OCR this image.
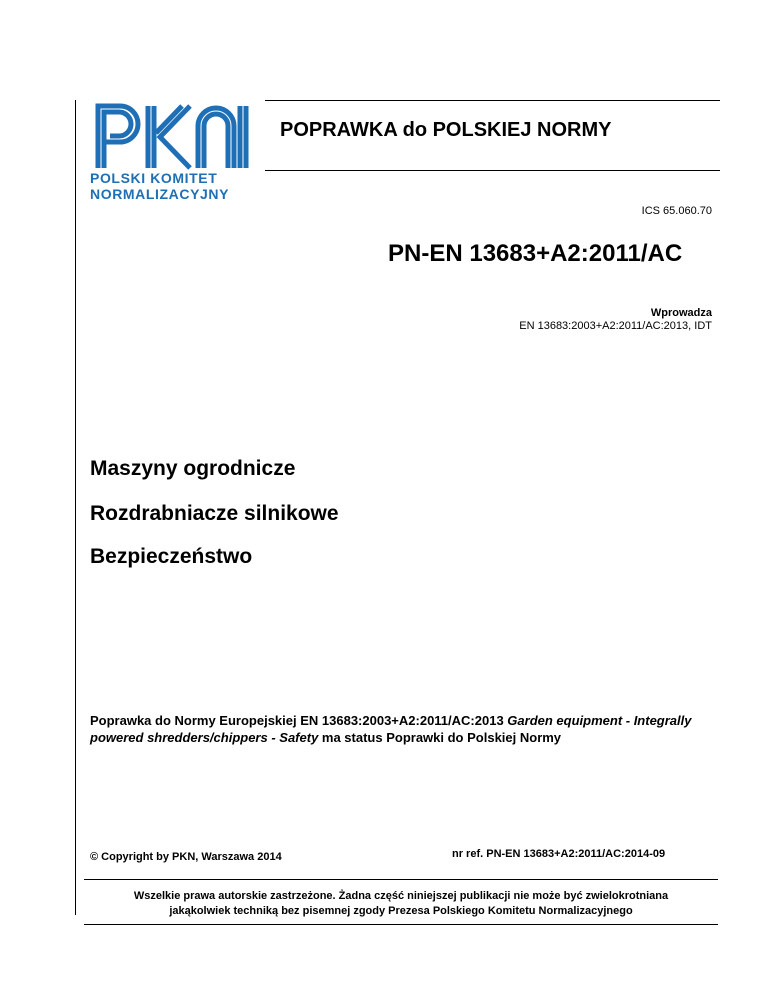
POLSKI KOMITET
NORMALIZACYJNY
POPRAWKA do POLSKIEJ NORMY
ICS 65.060.70
PN-EN 13683+A2:2011/AC
Wprowadza
EN 13683:2003+A2:2011/AC:2013, IDT
Maszyny ogrodnicze
Rozdrabniacze silnikowe
Bezpieczeństwo
Poprawka do Normy Europejskiej EN 13683:2003+A2:2011/AC:2013 Garden equipment - Integrally powered shredders/chippers - Safety ma status Poprawki do Polskiej Normy
© Copyright by PKN, Warszawa 2014	nr ref. PN-EN 13683+A2:2011/AC:2014-09
Wszelkie prawa autorskie zastrzeżone. Żadna część niniejszej publikacji nie może być zwielokrotniana
jakąkolwiek techniką bez pisemnej zgody Prezesa Polskiego Komitetu Normalizacyjnego
